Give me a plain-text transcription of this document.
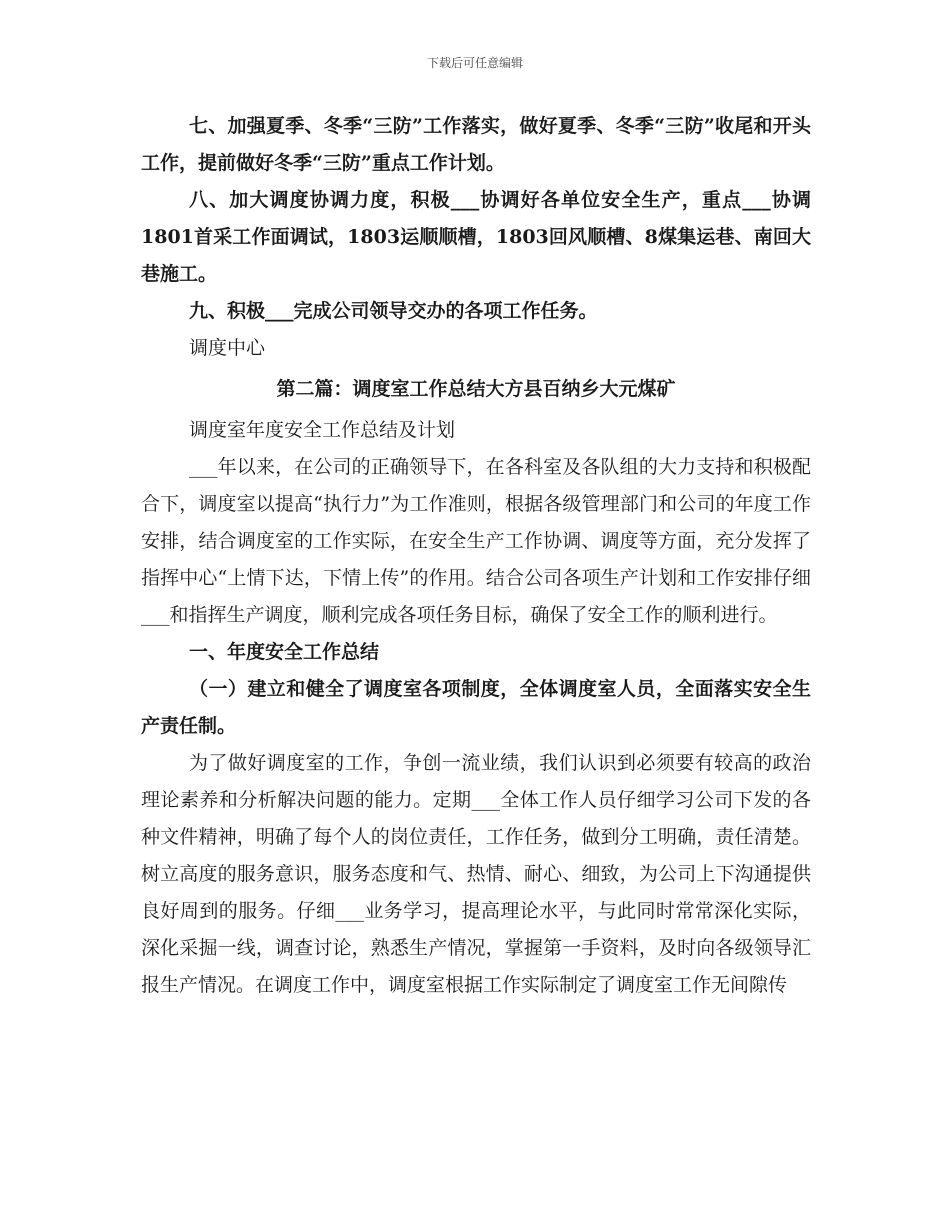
下载后可任意编辑

七、加强夏季、冬季“三防”工作落实，做好夏季、冬季“三防”收尾和开头工作，提前做好冬季“三防”重点工作计划。

八、加大调度协调力度，积极___协调好各单位安全生产，重点___协调1801首采工作面调试，1803运顺顺槽，1803回风顺槽、8煤集运巷、南回大巷施工。

九、积极___完成公司领导交办的各项工作任务。

调度中心

第二篇：调度室工作总结大方县百纳乡大元煤矿

调度室年度安全工作总结及计划

___年以来，在公司的正确领导下，在各科室及各队组的大力支持和积极配合下，调度室以提高“执行力”为工作准则，根据各级管理部门和公司的年度工作安排，结合调度室的工作实际，在安全生产工作协调、调度等方面，充分发挥了指挥中心“上情下达，下情上传”的作用。结合公司各项生产计划和工作安排仔细___和指挥生产调度，顺利完成各项任务目标，确保了安全工作的顺利进行。

一、年度安全工作总结

（一）建立和健全了调度室各项制度，全体调度室人员，全面落实安全生产责任制。

为了做好调度室的工作，争创一流业绩，我们认识到必须要有较高的政治理论素养和分析解决问题的能力。定期___全体工作人员仔细学习公司下发的各种文件精神，明确了每个人的岗位责任，工作任务，做到分工明确，责任清楚。树立高度的服务意识，服务态度和气、热情、耐心、细致，为公司上下沟通提供良好周到的服务。仔细___业务学习，提高理论水平，与此同时常常深化实际，深化采掘一线，调查讨论，熟悉生产情况，掌握第一手资料，及时向各级领导汇报生产情况。在调度工作中，调度室根据工作实际制定了调度室工作无间隙传
